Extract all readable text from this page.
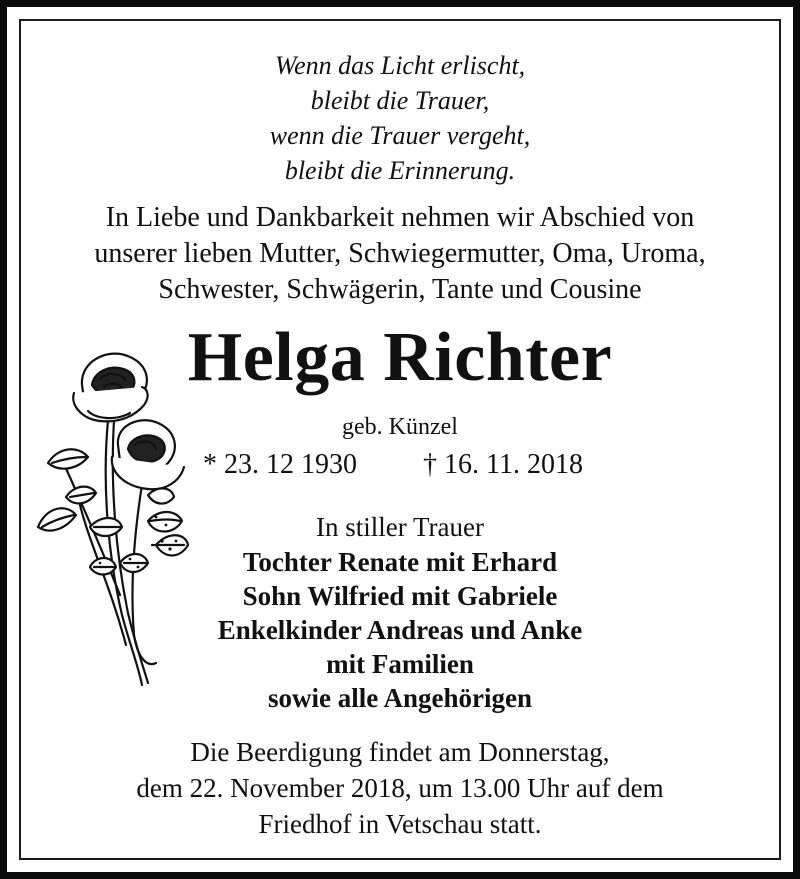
Wenn das Licht erlischt,
bleibt die Trauer,
wenn die Trauer vergeht,
bleibt die Erinnerung.
In Liebe und Dankbarkeit nehmen wir Abschied von
unserer lieben Mutter, Schwiegermutter, Oma, Uroma,
Schwester, Schwägerin, Tante und Cousine
Helga Richter
geb. Künzel
* 23. 12 1930 † 16. 11. 2018
In stiller Trauer
Tochter Renate mit Erhard
Sohn Wilfried mit Gabriele
Enkelkinder Andreas und Anke
mit Familien
sowie alle Angehörigen
Die Beerdigung findet am Donnerstag,
dem 22. November 2018, um 13.00 Uhr auf dem
Friedhof in Vetschau statt.
